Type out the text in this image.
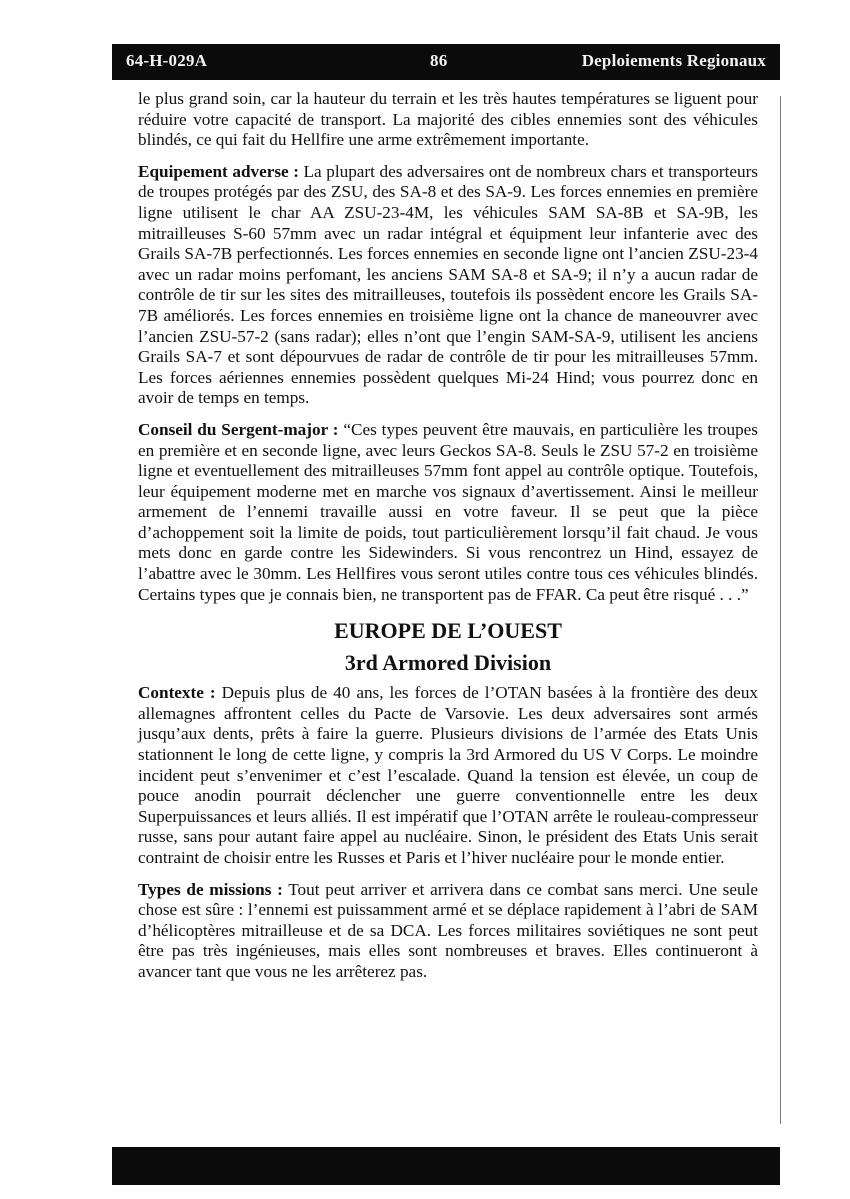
64-H-029A	86	Deploiements Regionaux

le plus grand soin, car la hauteur du terrain et les très hautes températures se liguent pour réduire votre capacité de transport. La majorité des cibles ennemies sont des véhicules blindés, ce qui fait du Hellfire une arme extrêmement importante.

Equipement adverse : La plupart des adversaires ont de nombreux chars et transporteurs de troupes protégés par des ZSU, des SA-8 et des SA-9. Les forces ennemies en première ligne utilisent le char AA ZSU-23-4M, les véhicules SAM SA-8B et SA-9B, les mitrailleuses S-60 57mm avec un radar intégral et équipment leur infanterie avec des Grails SA-7B perfectionnés. Les forces ennemies en seconde ligne ont l’ancien ZSU-23-4 avec un radar moins perfomant, les anciens SAM SA-8 et SA-9; il n’y a aucun radar de contrôle de tir sur les sites des mitrailleuses, toutefois ils possèdent encore les Grails SA-7B améliorés. Les forces ennemies en troisième ligne ont la chance de maneouvrer avec l’ancien ZSU-57-2 (sans radar); elles n’ont que l’engin SAM-SA-9, utilisent les anciens Grails SA-7 et sont dépourvues de radar de contrôle de tir pour les mitrailleuses 57mm. Les forces aériennes ennemies possèdent quelques Mi-24 Hind; vous pourrez donc en avoir de temps en temps.

Conseil du Sergent-major : “Ces types peuvent être mauvais, en particulière les troupes en première et en seconde ligne, avec leurs Geckos SA-8. Seuls le ZSU 57-2 en troisième ligne et eventuellement des mitrailleuses 57mm font appel au contrôle optique. Toutefois, leur équipement moderne met en marche vos signaux d’avertissement. Ainsi le meilleur armement de l’ennemi travaille aussi en votre faveur. Il se peut que la pièce d’achoppement soit la limite de poids, tout particulièrement lorsqu’il fait chaud. Je vous mets donc en garde contre les Sidewinders. Si vous rencontrez un Hind, essayez de l’abattre avec le 30mm. Les Hellfires vous seront utiles contre tous ces véhicules blindés. Certains types que je connais bien, ne transportent pas de FFAR. Ca peut être risqué . . .”

EUROPE DE L’OUEST
3rd Armored Division

Contexte : Depuis plus de 40 ans, les forces de l’OTAN basées à la frontière des deux allemagnes affrontent celles du Pacte de Varsovie. Les deux adversaires sont armés jusqu’aux dents, prêts à faire la guerre. Plusieurs divisions de l’armée des Etats Unis stationnent le long de cette ligne, y compris la 3rd Armored du US V Corps. Le moindre incident peut s’envenimer et c’est l’escalade. Quand la tension est élevée, un coup de pouce anodin pourrait déclencher une guerre conventionnelle entre les deux Superpuissances et leurs alliés. Il est impératif que l’OTAN arrête le rouleau-compresseur russe, sans pour autant faire appel au nucléaire. Sinon, le président des Etats Unis serait contraint de choisir entre les Russes et Paris et l’hiver nucléaire pour le monde entier.

Types de missions : Tout peut arriver et arrivera dans ce combat sans merci. Une seule chose est sûre : l’ennemi est puissamment armé et se déplace rapidement à l’abri de SAM d’hélicoptères mitrailleuse et de sa DCA. Les forces militaires soviétiques ne sont peut être pas très ingénieuses, mais elles sont nombreuses et braves. Elles continueront à avancer tant que vous ne les arrêterez pas.
